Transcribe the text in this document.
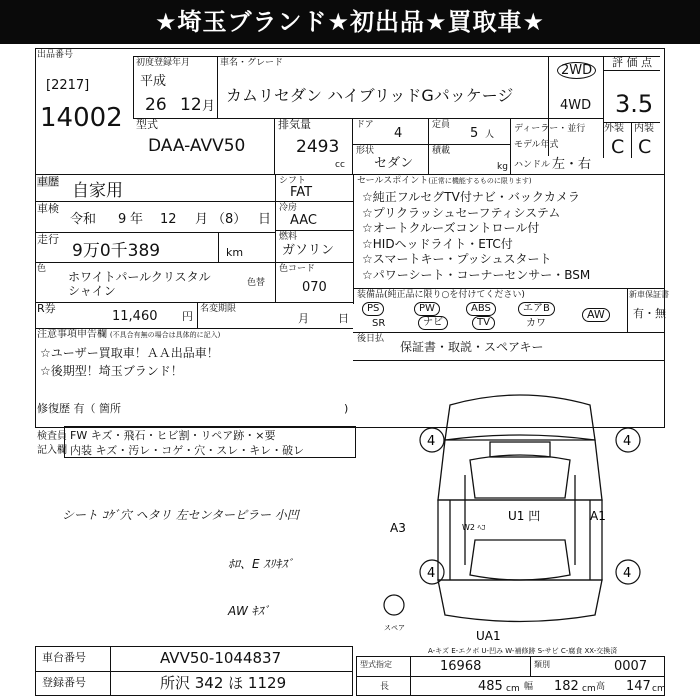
★埼玉ブランド★初出品★買取車★
出品番号
[2217]
14002
初度登録年月
平成
26 12 月
車名・グレード
カムリセダン ハイブリッドGパッケージ
2WD
4WD
評 価 点
3.5
外装 内装
C C
型式
DAA-AVV50
排気量
2493
cc
ドア
4
定員
5 人
形状
セダン
積載
kg
ディーラー・並行
モデル年式
ハンドル 左・右
車歴 自家用
車検
令和 9 年 12 月 （8） 日
走行
9万0千389	km
色
ホワイトパールクリスタル
シャイン
色替
シフト
FAT
冷房
AAC
燃料
ガソリン
色コード
070
セールスポイント(正常に機能するものに限ります)
☆純正フルセグTV付ナビ・バックカメラ
☆プリクラッシュセーフティシステム
☆オートクルーズコントロール付
☆HIDヘッドライト・ETC付
☆スマートキー・プッシュスタート
☆パワーシート・コーナーセンサー・BSM
R券
11,460 円
名変期限
月	日
注意事項申告欄 (不具合有無の場合は具体的に記入)
☆ユーザー買取車！ＡＡ出品車！
☆後期型！埼玉ブランド！
修復歴 有（ 箇所	)
装備品(純正品に限り○を付けてください)
PS	PW	ABS	エアB
SR	ナビ	TV	カワ
AW
新車保証書
有・無
後日払
保証書・取説・スペアキー
検査員
記入欄
FW キズ・飛石・ヒビ割・リペア跡・×要
内装 キズ・汚レ・コゲ・穴・スレ・キレ・破レ
シート ｺｹﾞ穴 ヘタリ 左センターピラー 小凹
ﾎﾛ、E ｽﾘｷｽﾞ
AW ｷｽﾞ
4	4
4	4
A3
A1
U1 凹
W2 ﾍｺ
UA1
スペア
A-キズ E-エクボ U-凹み W-補修跡 S-サビ C-腐食 XX-交換済
車台番号	AVV50-1044837
登録番号	所沢 342 ほ 1129
型式指定	16968	類別	0007
長	485 cm 幅 182 cm 高 147 cm
